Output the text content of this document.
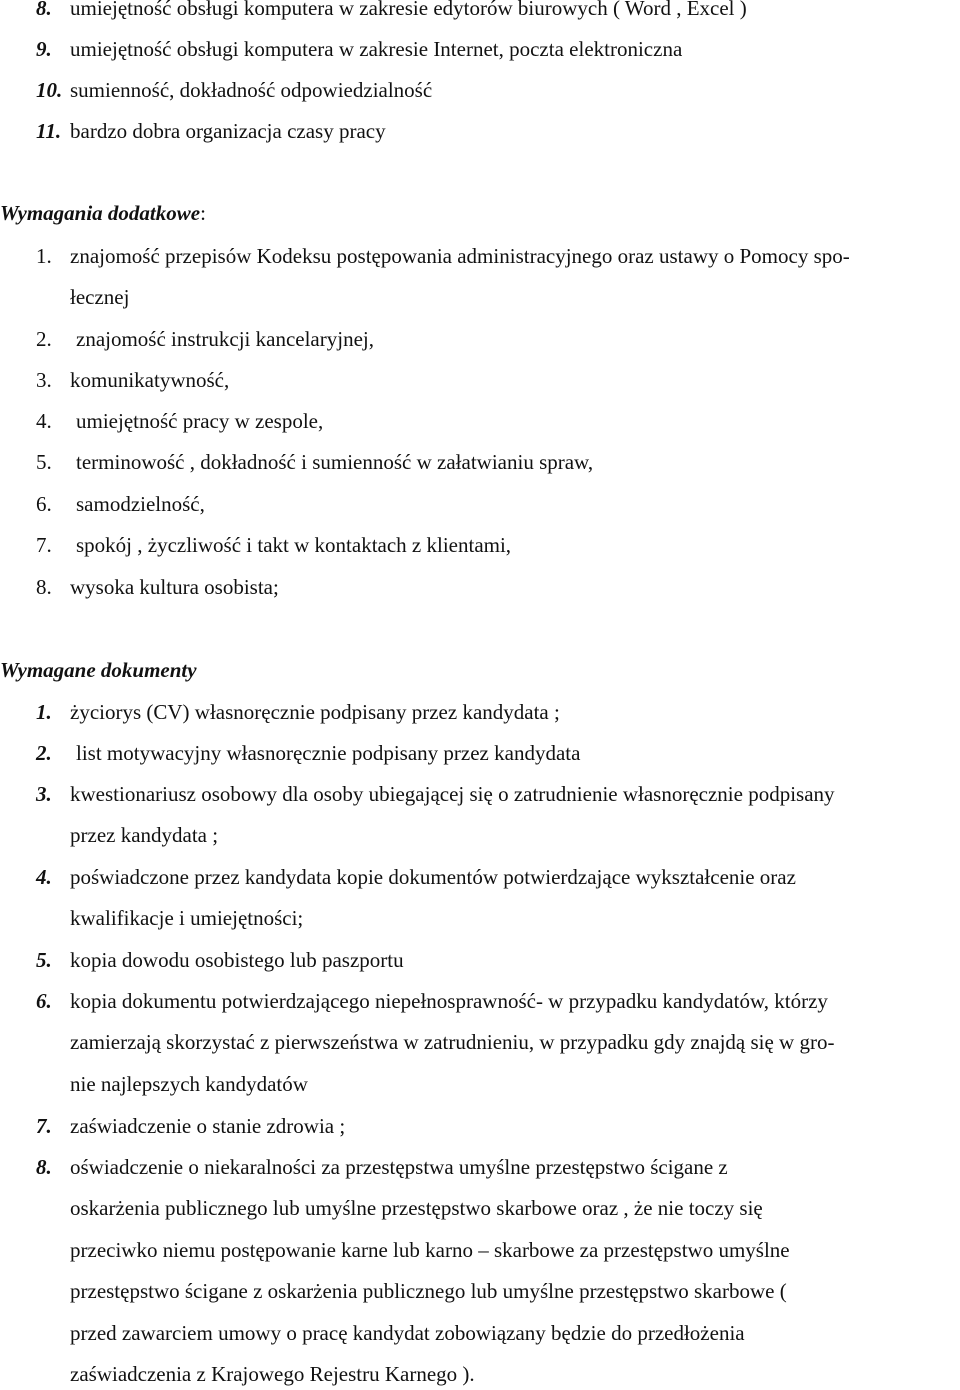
8. umiejętność obsługi komputera w zakresie edytorów biurowych ( Word , Excel )
9. umiejętność obsługi komputera w zakresie Internet, poczta elektroniczna
10. sumienność, dokładność odpowiedzialność
11. bardzo dobra organizacja czasy pracy
Wymagania dodatkowe:
1. znajomość przepisów Kodeksu postępowania administracyjnego oraz ustawy o Pomocy spo-
łecznej
2. znajomość instrukcji kancelaryjnej,
3. komunikatywność,
4. umiejętność pracy w zespole,
5. terminowość , dokładność i sumienność w załatwianiu spraw,
6. samodzielność,
7. spokój , życzliwość i takt w kontaktach z klientami,
8. wysoka kultura osobista;
Wymagane dokumenty
1. życiorys (CV) własnoręcznie podpisany przez kandydata ;
2. list motywacyjny własnoręcznie podpisany przez kandydata
3. kwestionariusz osobowy dla osoby ubiegającej się o zatrudnienie własnoręcznie podpisany
przez kandydata ;
4. poświadczone przez kandydata kopie dokumentów potwierdzające wykształcenie oraz
kwalifikacje i umiejętności;
5. kopia dowodu osobistego lub paszportu
6. kopia dokumentu potwierdzającego niepełnosprawność- w przypadku kandydatów, którzy
zamierzają skorzystać z pierwszeństwa w zatrudnieniu, w przypadku gdy znajdą się w gro-
nie najlepszych kandydatów
7. zaświadczenie o stanie zdrowia ;
8. oświadczenie o niekaralności za przestępstwa umyślne przestępstwo ścigane z
oskarżenia publicznego lub umyślne przestępstwo skarbowe oraz , że nie toczy się
przeciwko niemu postępowanie karne lub karno – skarbowe za przestępstwo umyślne
przestępstwo ścigane z oskarżenia publicznego lub umyślne przestępstwo skarbowe (
przed zawarciem umowy o pracę kandydat zobowiązany będzie do przedłożenia
zaświadczenia z Krajowego Rejestru Karnego ).
